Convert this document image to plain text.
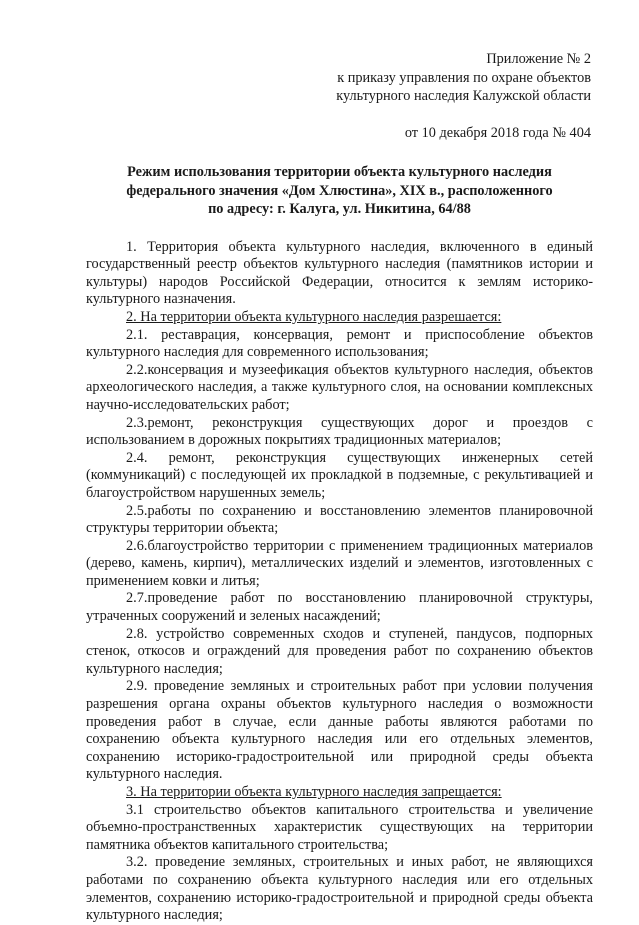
Приложение № 2
к приказу управления по охране объектов
культурного наследия Калужской области
от 10 декабря 2018 года № 404
Режим использования территории объекта культурного наследия
федерального значения «Дом Хлюстина», XIX в., расположенного
по адресу: г. Калуга, ул. Никитина, 64/88

1. Территория объекта культурного наследия, включенного в единый государственный реестр объектов культурного наследия (памятников истории и культуры) народов Российской Федерации, относится к землям историко-культурного назначения.

2. На территории объекта культурного наследия разрешается:

2.1. реставрация, консервация, ремонт и приспособление объектов культурного наследия для современного использования;

2.2.консервация и музеефикация объектов культурного наследия, объектов археологического наследия, а также культурного слоя, на основании комплексных научно-исследовательских работ;

2.3.ремонт, реконструкция существующих дорог и проездов с использованием в дорожных покрытиях традиционных материалов;

2.4. ремонт, реконструкция существующих инженерных сетей (коммуникаций) с последующей их прокладкой в подземные, с рекультивацией и благоустройством нарушенных земель;

2.5.работы по сохранению и восстановлению элементов планировочной структуры территории объекта;

2.6.благоустройство территории с применением традиционных материалов (дерево, камень, кирпич), металлических изделий и элементов, изготовленных с применением ковки и литья;

2.7.проведение работ по восстановлению планировочной структуры, утраченных сооружений и зеленых насаждений;

2.8. устройство современных сходов и ступеней, пандусов, подпорных стенок, откосов и ограждений для проведения работ по сохранению объектов культурного наследия;

2.9. проведение земляных и строительных работ при условии получения разрешения органа охраны объектов культурного наследия о возможности проведения работ в случае, если данные работы являются работами по сохранению объекта культурного наследия или его отдельных элементов, сохранению историко-градостроительной или природной среды объекта культурного наследия.

3. На территории объекта культурного наследия запрещается:

3.1 строительство объектов капитального строительства и увеличение объемно-пространственных характеристик существующих на территории памятника объектов капитального строительства;

3.2. проведение земляных, строительных и иных работ, не являющихся работами по сохранению объекта культурного наследия или его отдельных элементов, сохранению историко-градостроительной и природной среды объекта культурного наследия;
